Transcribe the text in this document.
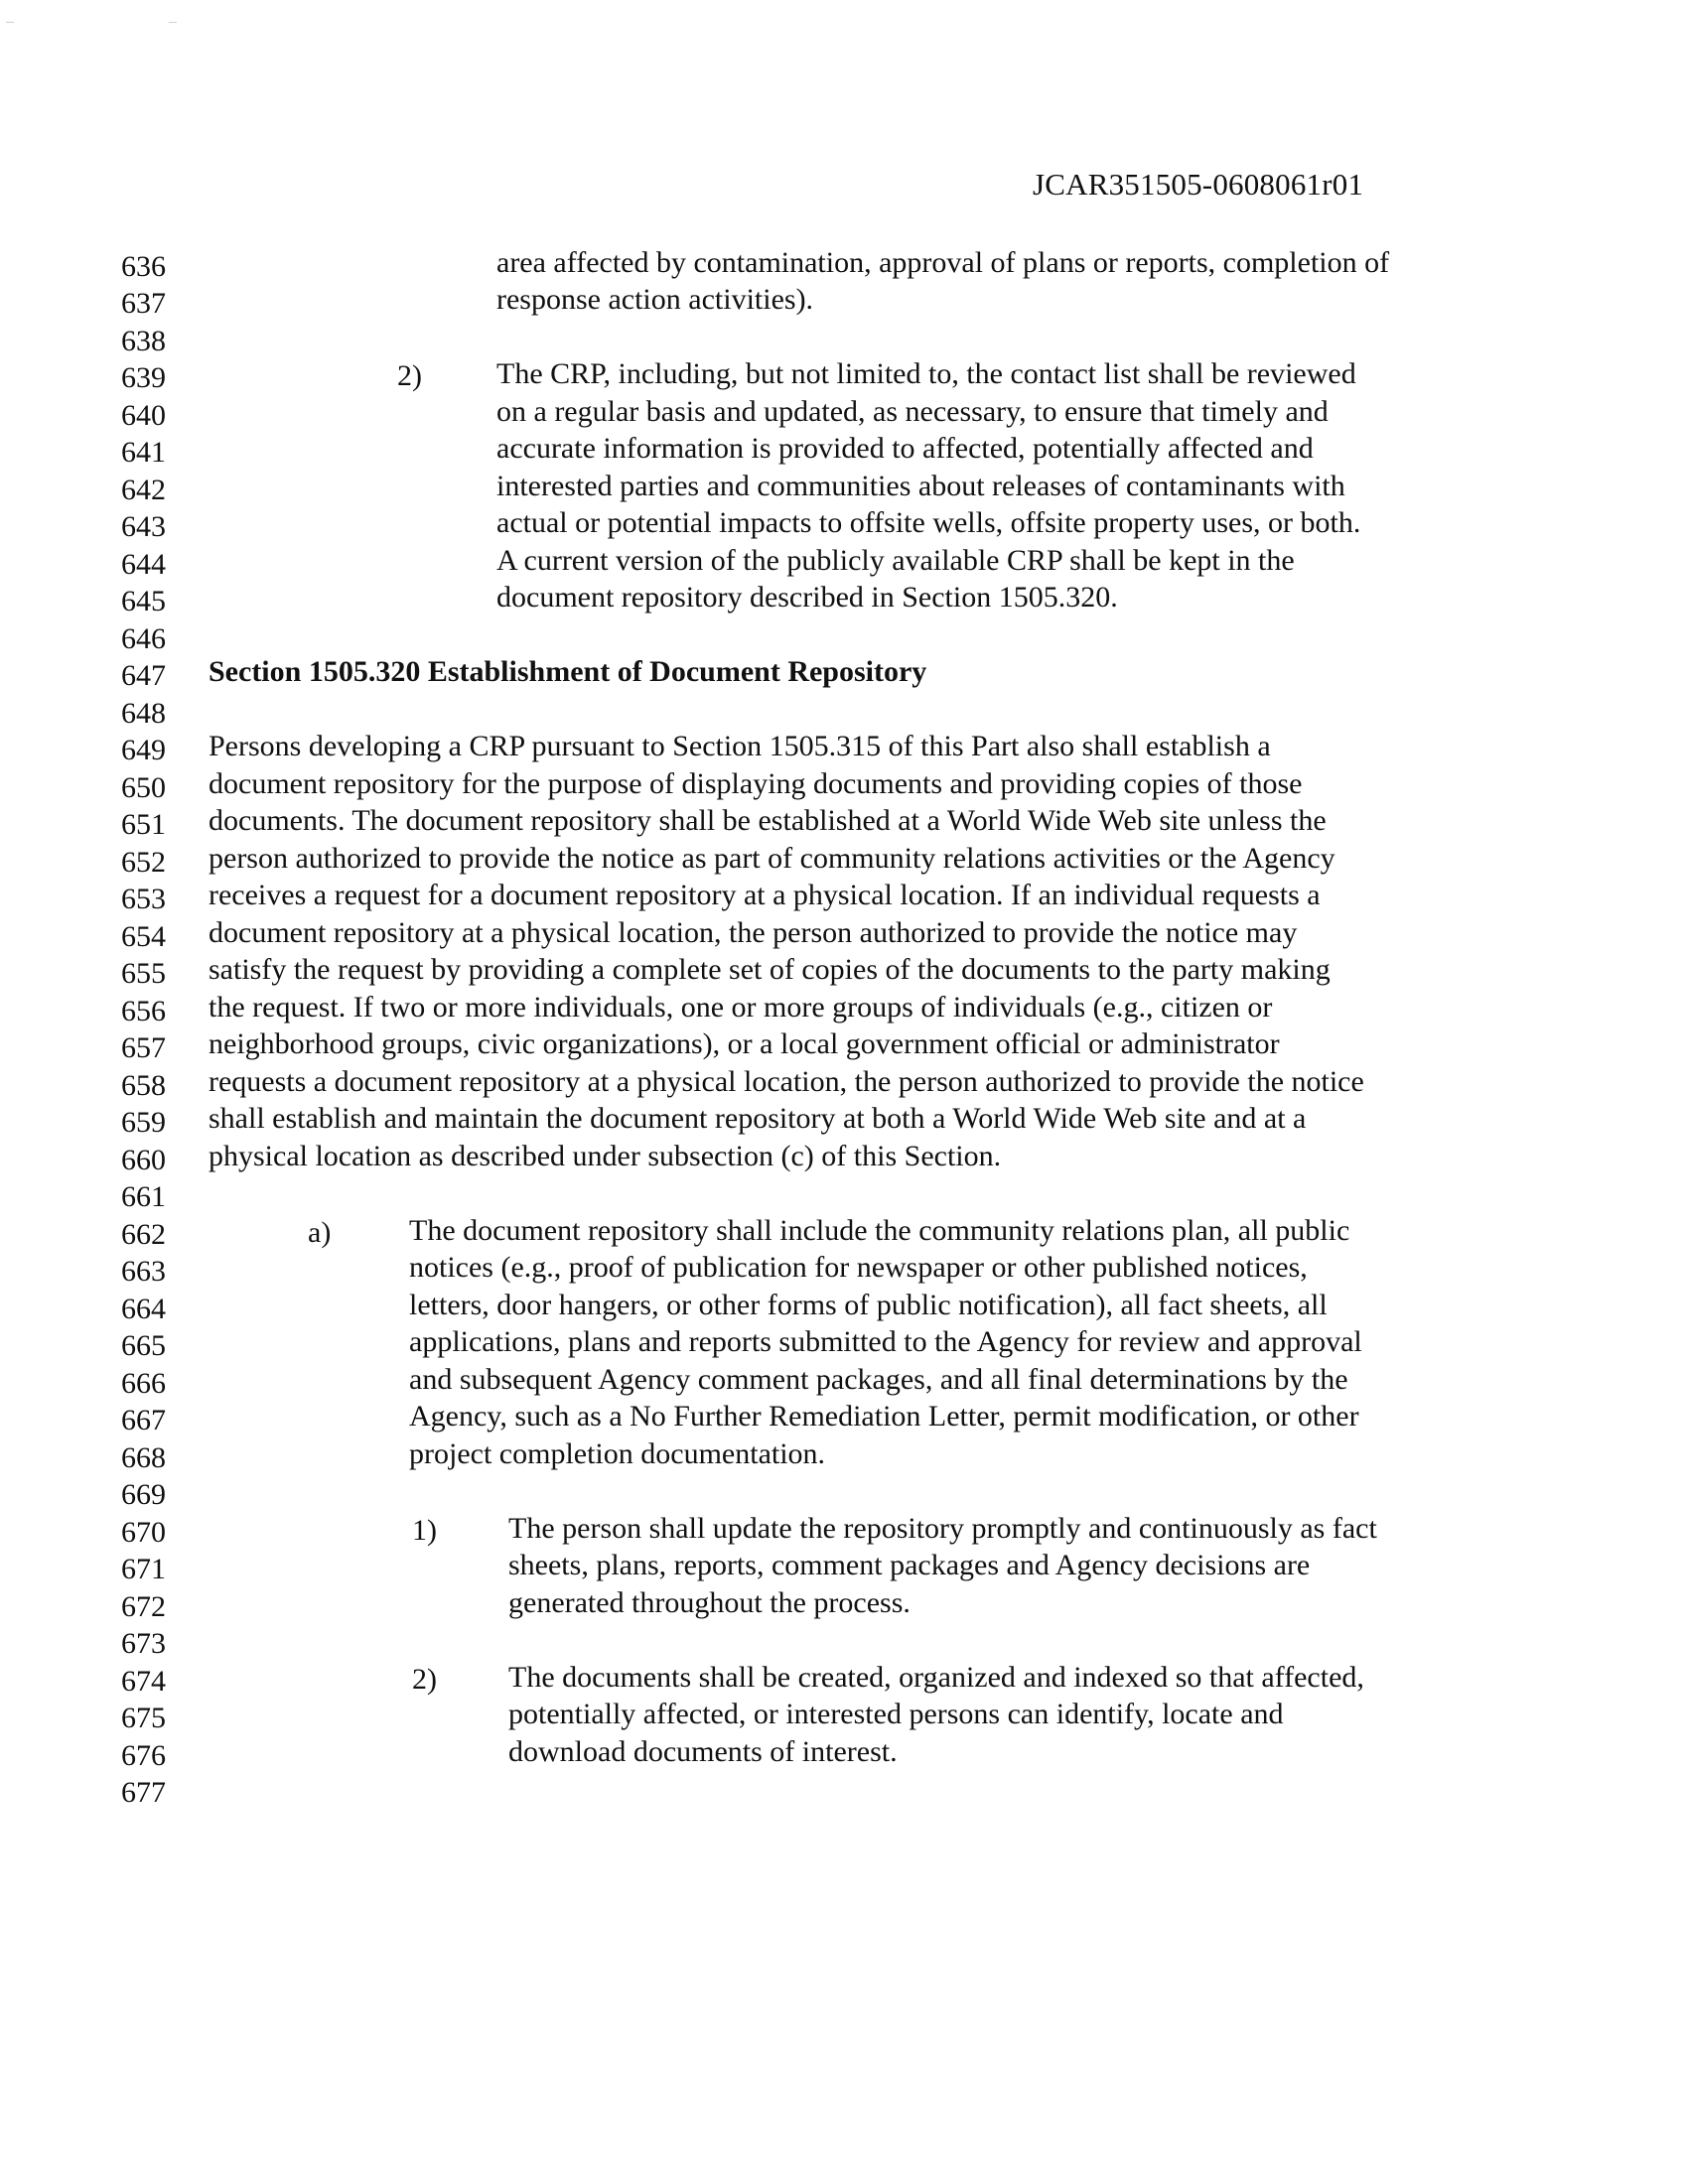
JCAR351505-0608061r01
636
637
638
639
640
641
642
643
644
645
646
647
648
649
650
651
652
653
654
655
656
657
658
659
660
661
662
663
664
665
666
667
668
669
670
671
672
673
674
675
676
677
area affected by contamination, approval of plans or reports, completion of
response action activities).
2)	The CRP, including, but not limited to, the contact list shall be reviewed
on a regular basis and updated, as necessary, to ensure that timely and
accurate information is provided to affected, potentially affected and
interested parties and communities about releases of contaminants with
actual or potential impacts to offsite wells, offsite property uses, or both.
A current version of the publicly available CRP shall be kept in the
document repository described in Section 1505.320.
Section 1505.320 Establishment of Document Repository
Persons developing a CRP pursuant to Section 1505.315 of this Part also shall establish a
document repository for the purpose of displaying documents and providing copies of those
documents. The document repository shall be established at a World Wide Web site unless the
person authorized to provide the notice as part of community relations activities or the Agency
receives a request for a document repository at a physical location. If an individual requests a
document repository at a physical location, the person authorized to provide the notice may
satisfy the request by providing a complete set of copies of the documents to the party making
the request. If two or more individuals, one or more groups of individuals (e.g., citizen or
neighborhood groups, civic organizations), or a local government official or administrator
requests a document repository at a physical location, the person authorized to provide the notice
shall establish and maintain the document repository at both a World Wide Web site and at a
physical location as described under subsection (c) of this Section.
a)	The document repository shall include the community relations plan, all public
notices (e.g., proof of publication for newspaper or other published notices,
letters, door hangers, or other forms of public notification), all fact sheets, all
applications, plans and reports submitted to the Agency for review and approval
and subsequent Agency comment packages, and all final determinations by the
Agency, such as a No Further Remediation Letter, permit modification, or other
project completion documentation.
1) The person shall update the repository promptly and continuously as fact
sheets, plans, reports, comment packages and Agency decisions are
generated throughout the process.
2) The documents shall be created, organized and indexed so that affected,
potentially affected, or interested persons can identify, locate and
download documents of interest.
